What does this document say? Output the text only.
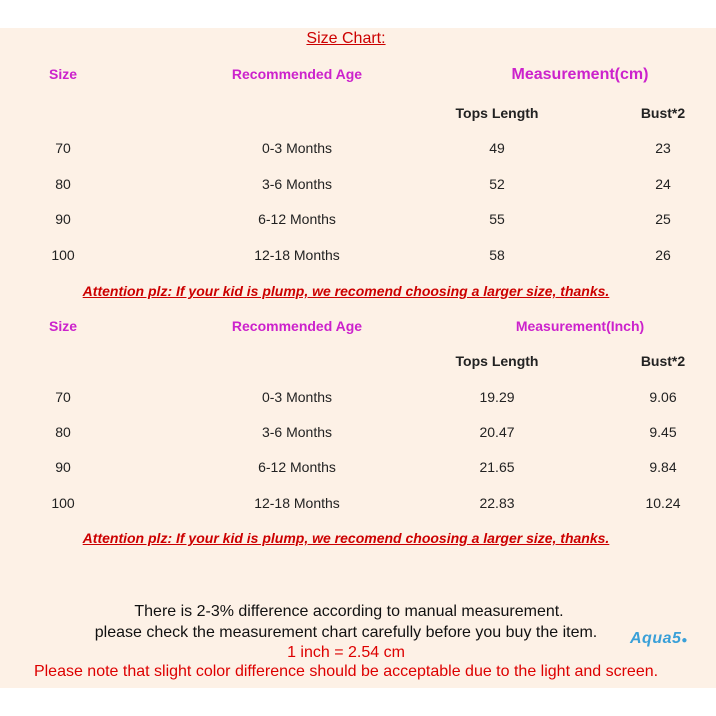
Size Chart:
Size	Recommended Age	Measurement(cm)
Tops Length	Bust*2
70	0-3 Months	49	23
80	3-6 Months	52	24
90	6-12 Months	55	25
100	12-18 Months	58	26
Attention plz: If your kid is plump, we recomend choosing a larger size, thanks.
Size	Recommended Age	Measurement(Inch)
Tops Length	Bust*2
70	0-3 Months	19.29	9.06
80	3-6 Months	20.47	9.45
90	6-12 Months	21.65	9.84
100	12-18 Months	22.83	10.24
Attention plz: If your kid is plump, we recomend choosing a larger size, thanks.
There is 2-3% difference according to manual measurement.
please check the measurement chart carefully before you buy the item.
1 inch = 2.54 cm
Please note that slight color difference should be acceptable due to the light and screen.
Aqua5●
